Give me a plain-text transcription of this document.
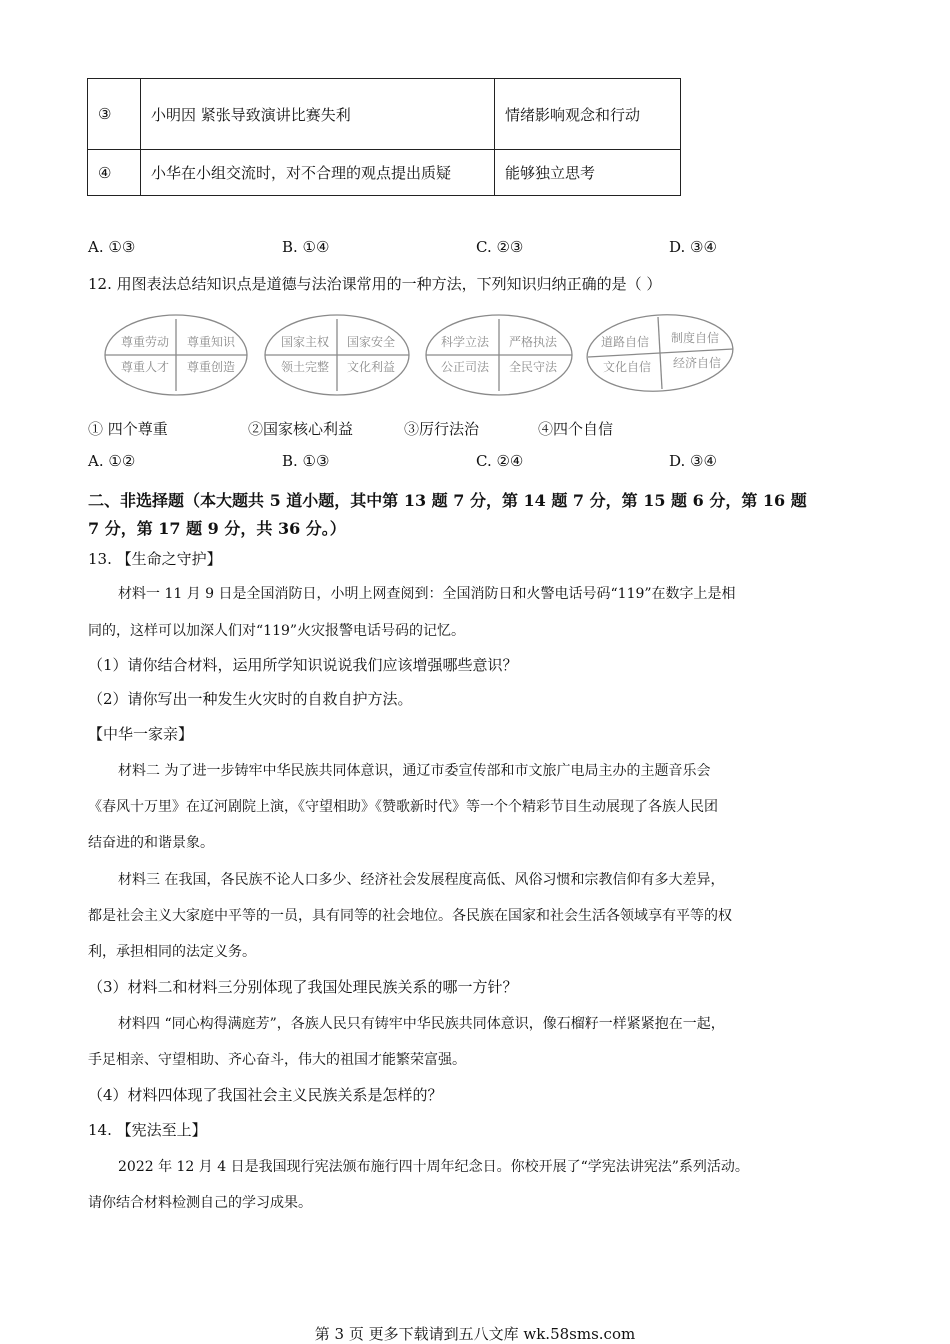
③	小明因 紧张导致演讲比赛失利	情绪影响观念和行动
④	小华在小组交流时，对不合理的观点提出质疑	能够独立思考
A. ①③	B. ①④	C. ②③	D. ③④
12. 用图表法总结知识点是道德与法治课常用的一种方法，下列知识归纳正确的是（ ）
尊重劳动 尊重知识
尊重人才 尊重创造
国家主权 国家安全
领土完整 文化利益
科学立法 严格执法
公正司法 全民守法
道路自信 制度自信
文化自信 经济自信
① 四个尊重	②国家核心利益	③厉行法治	④四个自信
A. ①②	B. ①③	C. ②④	D. ③④
二、非选择题（本大题共 5 道小题，其中第 13 题 7 分，第 14 题 7 分，第 15 题 6 分，第 16 题
7 分，第 17 题 9 分，共 36 分。）
13. 【生命之守护】
材料一 11 月 9 日是全国消防日，小明上网查阅到：全国消防日和火警电话号码“119”在数字上是相
同的，这样可以加深人们对“119”火灾报警电话号码的记忆。
（1）请你结合材料，运用所学知识说说我们应该增强哪些意识？
（2）请你写出一种发生火灾时的自救自护方法。
【中华一家亲】
材料二 为了进一步铸牢中华民族共同体意识，通辽市委宣传部和市文旅广电局主办的主题音乐会
《春风十万里》在辽河剧院上演，《守望相助》《赞歌新时代》等一个个精彩节目生动展现了各族人民团
结奋进的和谐景象。
材料三 在我国，各民族不论人口多少、经济社会发展程度高低、风俗习惯和宗教信仰有多大差异，
都是社会主义大家庭中平等的一员，具有同等的社会地位。各民族在国家和社会生活各领域享有平等的权
利，承担相同的法定义务。
（3）材料二和材料三分别体现了我国处理民族关系的哪一方针？
材料四 “同心构得满庭芳”，各族人民只有铸牢中华民族共同体意识，像石榴籽一样紧紧抱在一起，
手足相亲、守望相助、齐心奋斗，伟大的祖国才能繁荣富强。
（4）材料四体现了我国社会主义民族关系是怎样的？
14. 【宪法至上】
2022 年 12 月 4 日是我国现行宪法颁布施行四十周年纪念日。你校开展了“学宪法讲宪法”系列活动。
请你结合材料检测自己的学习成果。
第 3 页 更多下载请到五八文库 wk.58sms.com
